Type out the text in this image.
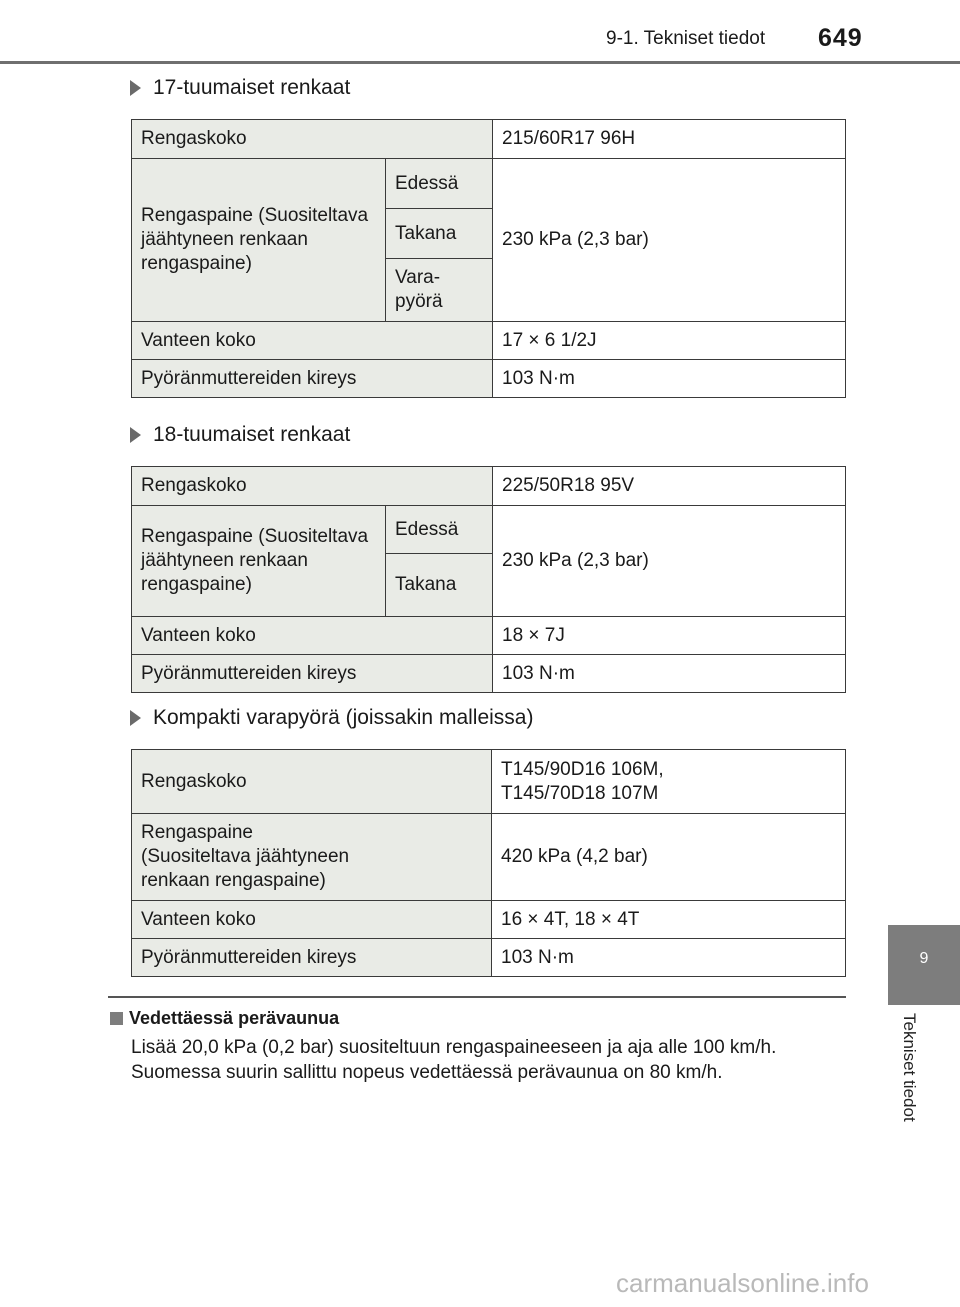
9-1. Tekniset tiedot 649
9
Tekniset tiedot
17-tuumaiset renkaat
Rengaskoko		215/60R17 96H
Rengaspaine (Suositeltava jäähtyneen renkaan rengaspaine)	Edessä	230 kPa (2,3 bar)
	Takana	
	Vara-
pyörä	
Vanteen koko		17 × 6 1/2J
Pyöränmuttereiden kireys		103 N·m
18-tuumaiset renkaat
Rengaskoko		225/50R18 95V
Rengaspaine (Suositeltava jäähtyneen renkaan rengaspaine)	Edessä	230 kPa (2,3 bar)
	Takana	
Vanteen koko		18 × 7J
Pyöränmuttereiden kireys		103 N·m
Kompakti varapyörä (joissakin malleissa)
Rengaskoko	T145/90D16 106M,
T145/70D18 107M
Rengaspaine
(Suositeltava jäähtyneen
renkaan rengaspaine)	420 kPa (4,2 bar)
Vanteen koko	16 × 4T, 18 × 4T
Pyöränmuttereiden kireys	103 N·m
Vedettäessä perävaunua
Lisää 20,0 kPa (0,2 bar) suositeltuun rengaspaineeseen ja aja alle 100 km/h. Suomessa suurin sallittu nopeus vedettäessä perävaunua on 80 km/h.
carmanualsonline.info
